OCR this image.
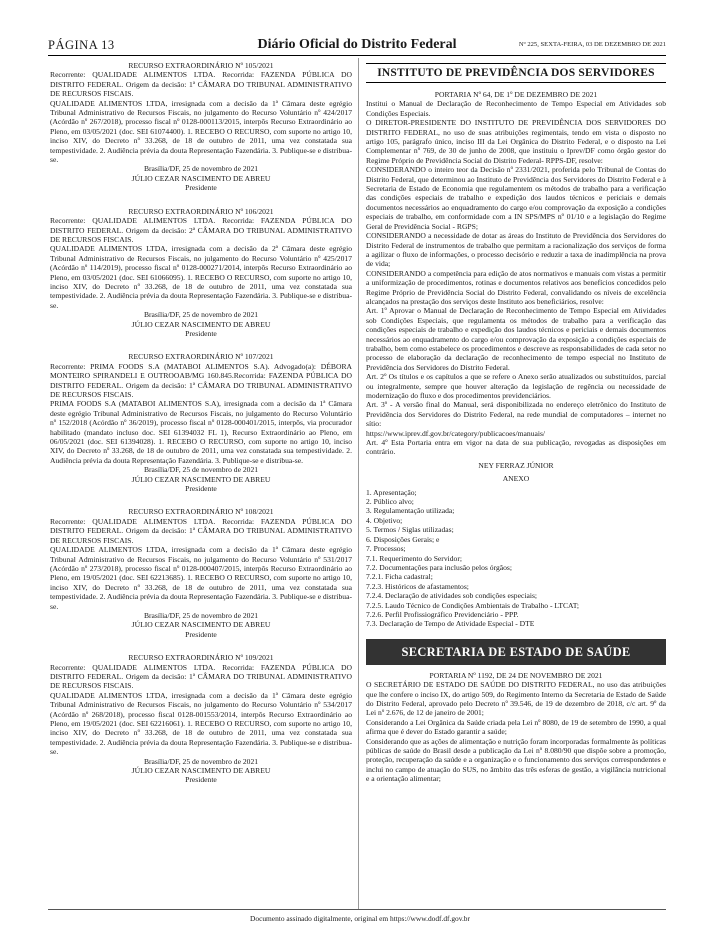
PÁGINA 13	Diário Oficial do Distrito Federal	Nº 225, SEXTA-FEIRA, 03 DE DEZEMBRO DE 2021

RECURSO EXTRAORDINÁRIO Nº 105/2021

Recorrente: QUALIDADE ALIMENTOS LTDA. Recorrida: FAZENDA PÚBLICA DO DISTRITO FEDERAL. Origem da decisão: 1ª CÂMARA DO TRIBUNAL ADMINISTRATIVO DE RECURSOS FISCAIS.

QUALIDADE ALIMENTOS LTDA, irresignada com a decisão da 1ª Câmara deste egrégio Tribunal Administrativo de Recursos Fiscais, no julgamento do Recurso Voluntário nº 424/2017 (Acórdão nº 267/2018), processo fiscal nº 0128-000113/2015, interpôs Recurso Extraordinário ao Pleno, em 03/05/2021 (doc. SEI 61074400). 1. RECEBO O RECURSO, com suporte no artigo 10, inciso XIV, do Decreto nº 33.268, de 18 de outubro de 2011, uma vez constatada sua tempestividade. 2. Audiência prévia da douta Representação Fazendária. 3. Publique-se e distribua-se.

Brasília/DF, 25 de novembro de 2021

JÚLIO CEZAR NASCIMENTO DE ABREU

Presidente

RECURSO EXTRAORDINÁRIO Nº 106/2021

Recorrente: QUALIDADE ALIMENTOS LTDA. Recorrida: FAZENDA PÚBLICA DO DISTRITO FEDERAL. Origem da decisão: 2ª CÂMARA DO TRIBUNAL ADMINISTRATIVO DE RECURSOS FISCAIS.

QUALIDADE ALIMENTOS LTDA, irresignada com a decisão da 2ª Câmara deste egrégio Tribunal Administrativo de Recursos Fiscais, no julgamento do Recurso Voluntário nº 425/2017 (Acórdão nº 114/2019), processo fiscal nº 0128-000271/2014, interpôs Recurso Extraordinário ao Pleno, em 03/05/2021 (doc. SEI 61066095). 1. RECEBO O RECURSO, com suporte no artigo 10, inciso XIV, do Decreto nº 33.268, de 18 de outubro de 2011, uma vez constatada sua tempestividade. 2. Audiência prévia da douta Representação Fazendária. 3. Publique-se e distribua-se.

Brasília/DF, 25 de novembro de 2021

JÚLIO CEZAR NASCIMENTO DE ABREU

Presidente

RECURSO EXTRAORDINÁRIO Nº 107/2021

Recorrente: PRIMA FOODS S.A (MATABOI ALIMENTOS S.A). Advogado(a): DÉBORA MONTEIRO SPIRANDELI E OUTROOAB/MG 160.845.Recorrida: FAZENDA PÚBLICA DO DISTRITO FEDERAL. Origem da decisão: 1ª CÂMARA DO TRIBUNAL ADMINISTRATIVO DE RECURSOS FISCAIS.

PRIMA FOODS S.A (MATABOI ALIMENTOS S.A), irresignada com a decisão da 1ª Câmara deste egrégio Tribunal Administrativo de Recursos Fiscais, no julgamento do Recurso Voluntário nº 152/2018 (Acórdão nº 36/2019), processo fiscal nº 0128-000401/2015, interpôs, via procurador habilitado (mandato incluso doc. SEI 61394032 FL 1), Recurso Extraordinário ao Pleno, em 06/05/2021 (doc. SEI 61394028). 1. RECEBO O RECURSO, com suporte no artigo 10, inciso XIV, do Decreto nº 33.268, de 18 de outubro de 2011, uma vez constatada sua tempestividade. 2. Audiência prévia da douta Representação Fazendária. 3. Publique-se e distribua-se.

Brasília/DF, 25 de novembro de 2021

JÚLIO CEZAR NASCIMENTO DE ABREU

Presidente

RECURSO EXTRAORDINÁRIO Nº 108/2021

Recorrente: QUALIDADE ALIMENTOS LTDA. Recorrida: FAZENDA PÚBLICA DO DISTRITO FEDERAL. Origem da decisão: 1ª CÂMARA DO TRIBUNAL ADMINISTRATIVO DE RECURSOS FISCAIS.

QUALIDADE ALIMENTOS LTDA, irresignada com a decisão da 1ª Câmara deste egrégio Tribunal Administrativo de Recursos Fiscais, no julgamento do Recurso Voluntário nº 531/2017 (Acórdão nº 273/2018), processo fiscal nº 0128-000407/2015, interpôs Recurso Extraordinário ao Pleno, em 19/05/2021 (doc. SEI 62213685). 1. RECEBO O RECURSO, com suporte no artigo 10, inciso XIV, do Decreto nº 33.268, de 18 de outubro de 2011, uma vez constatada sua tempestividade. 2. Audiência prévia da douta Representação Fazendária. 3. Publique-se e distribua-se.

Brasília/DF, 25 de novembro de 2021

JÚLIO CEZAR NASCIMENTO DE ABREU

Presidente

RECURSO EXTRAORDINÁRIO Nº 109/2021

Recorrente: QUALIDADE ALIMENTOS LTDA. Recorrida: FAZENDA PÚBLICA DO DISTRITO FEDERAL. Origem da decisão: 1ª CÂMARA DO TRIBUNAL ADMINISTRATIVO DE RECURSOS FISCAIS.

QUALIDADE ALIMENTOS LTDA, irresignada com a decisão da 1ª Câmara deste egrégio Tribunal Administrativo de Recursos Fiscais, no julgamento do Recurso Voluntário nº 534/2017 (Acórdão nº 268/2018), processo fiscal 0128-001553/2014, interpôs Recurso Extraordinário ao Pleno, em 19/05/2021 (doc. SEI 62216061). 1. RECEBO O RECURSO, com suporte no artigo 10, inciso XIV, do Decreto nº 33.268, de 18 de outubro de 2011, uma vez constatada sua tempestividade. 2. Audiência prévia da douta Representação Fazendária. 3. Publique-se e distribua-se.

Brasília/DF, 25 de novembro de 2021

JÚLIO CEZAR NASCIMENTO DE ABREU

Presidente

INSTITUTO DE PREVIDÊNCIA DOS SERVIDORES

PORTARIA Nº 64, DE 1º DE DEZEMBRO DE 2021

Institui o Manual de Declaração de Reconhecimento de Tempo Especial em Atividades sob Condições Especiais.

O DIRETOR-PRESIDENTE DO INSTITUTO DE PREVIDÊNCIA DOS SERVIDORES DO DISTRITO FEDERAL, no uso de suas atribuições regimentais, tendo em vista o disposto no artigo 105, parágrafo único, inciso III da Lei Orgânica do Distrito Federal, e o disposto na Lei Complementar nº 769, de 30 de junho de 2008, que instituiu o Iprev/DF como órgão gestor do Regime Próprio de Previdência Social do Distrito Federal- RPPS-DF, resolve:

CONSIDERANDO o inteiro teor da Decisão nº 2331/2021, proferida pelo Tribunal de Contas do Distrito Federal, que determinou ao Instituto de Previdência dos Servidores do Distrito Federal e à Secretaria de Estado de Economia que regulamentem os métodos de trabalho para a verificação das condições especiais de trabalho e expedição dos laudos técnicos e periciais e demais documentos necessários ao enquadramento do cargo e/ou comprovação da exposição a condições especiais de trabalho, em conformidade com a IN SPS/MPS nº 01/10 e a legislação do Regime Geral de Previdência Social - RGPS;

CONSIDERANDO a necessidade de dotar as áreas do Instituto de Previdência dos Servidores do Distrito Federal de instrumentos de trabalho que permitam a racionalização dos serviços de forma a agilizar o fluxo de informações, o processo decisório e reduzir a taxa de inadimplência na prova de vida;

CONSIDERANDO a competência para edição de atos normativos e manuais com vistas a permitir a uniformização de procedimentos, rotinas e documentos relativos aos benefícios concedidos pelo Regime Próprio de Previdência Social do Distrito Federal, convalidando os níveis de excelência alcançados na prestação dos serviços deste Instituto aos beneficiários, resolve:

Art. 1º Aprovar o Manual de Declaração de Reconhecimento de Tempo Especial em Atividades sob Condições Especiais, que regulamenta os métodos de trabalho para a verificação das condições especiais de trabalho e expedição dos laudos técnicos e periciais e demais documentos necessários ao enquadramento do cargo e/ou comprovação da exposição a condições especiais de trabalho, bem como estabelece os procedimentos e descreve as responsabilidades de cada setor no processo de elaboração da declaração de reconhecimento de tempo especial no Instituto de Previdência dos Servidores do Distrito Federal.

Art. 2º Os títulos e os capítulos a que se refere o Anexo serão atualizados ou substituídos, parcial ou integralmente, sempre que houver alteração da legislação de regência ou necessidade de modernização do fluxo e dos procedimentos previdenciários.

Art. 3º - A versão final do Manual, será disponibilizada no endereço eletrônico do Instituto de Previdência dos Servidores do Distrito Federal, na rede mundial de computadores – internet no sítio:

https://www.iprev.df.gov.br/category/publicacoes/manuais/

Art. 4º Esta Portaria entra em vigor na data de sua publicação, revogadas as disposições em contrário.

NEY FERRAZ JÚNIOR

ANEXO

1. Apresentação;

2. Público alvo;

3. Regulamentação utilizada;

4. Objetivo;

5. Termos / Siglas utilizadas;

6. Disposições Gerais; e

7. Processos;

7.1. Requerimento do Servidor;

7.2. Documentações para inclusão pelos órgãos;

7.2.1. Ficha cadastral;

7.2.3. Históricos de afastamentos;

7.2.4. Declaração de atividades sob condições especiais;

7.2.5. Laudo Técnico de Condições Ambientais de Trabalho - LTCAT;

7.2.6. Perfil Profissiográfico Previdenciário - PPP.

7.3. Declaração de Tempo de Atividade Especial - DTE

SECRETARIA DE ESTADO DE SAÚDE

PORTARIA Nº 1192, DE 24 DE NOVEMBRO DE 2021

O SECRETÁRIO DE ESTADO DE SAÚDE DO DISTRITO FEDERAL, no uso das atribuições que lhe confere o inciso IX, do artigo 509, do Regimento Interno da Secretaria de Estado de Saúde do Distrito Federal, aprovado pelo Decreto nº 39.546, de 19 de dezembro de 2018, c/c art. 9º da Lei nº 2.676, de 12 de janeiro de 2001;

Considerando a Lei Orgânica da Saúde criada pela Lei nº 8080, de 19 de setembro de 1990, a qual afirma que é dever do Estado garantir a saúde;

Considerando que as ações de alimentação e nutrição foram incorporadas formalmente às políticas públicas de saúde do Brasil desde a publicação da Lei nº 8.080/90 que dispõe sobre a promoção, proteção, recuperação da saúde e a organização e o funcionamento dos serviços correspondentes e inclui no campo de atuação do SUS, no âmbito das três esferas de gestão, a vigilância nutricional e a orientação alimentar;

Documento assinado digitalmente, original em https://www.dodf.df.gov.br
